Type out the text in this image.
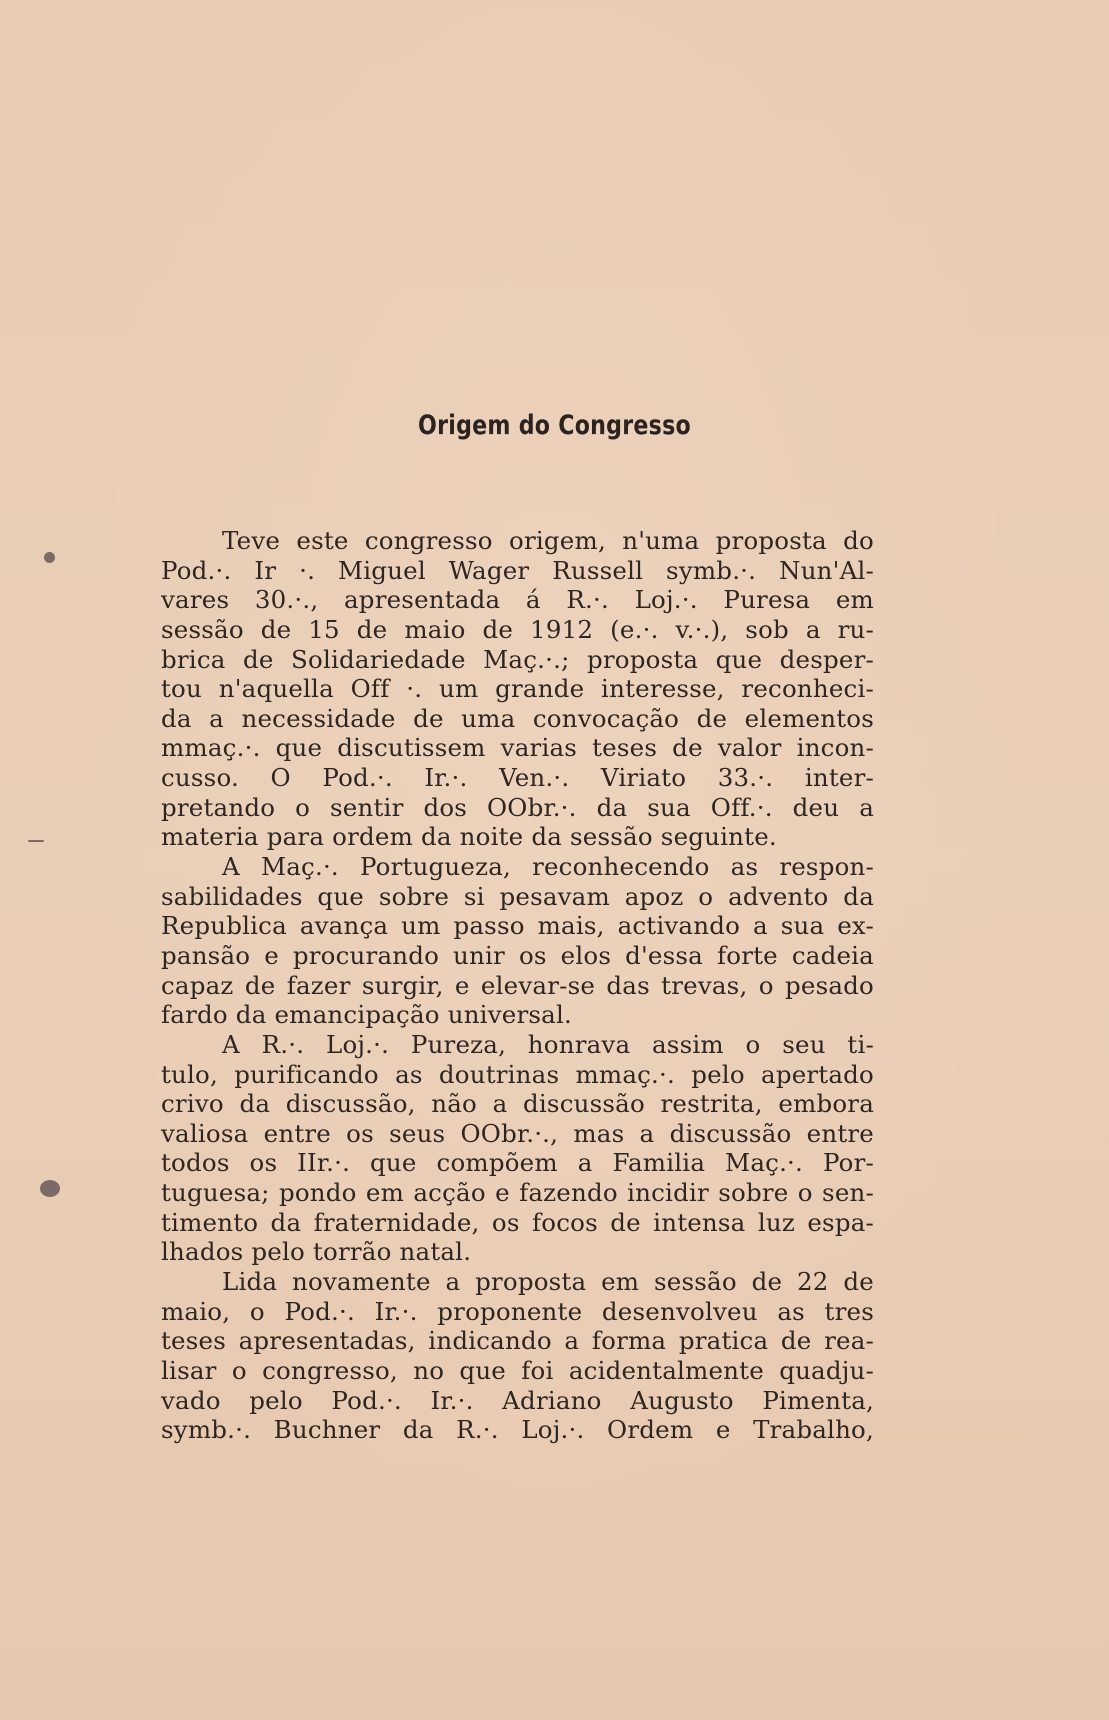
Origem do Congresso
Teve este congresso origem, n'uma proposta do
Pod.·. Ir ·. Miguel Wager Russell symb.·. Nun'Al-
vares 30.·., apresentada á R.·. Loj.·. Puresa em
sessão de 15 de maio de 1912 (e.·. v.·.), sob a ru-
brica de Solidariedade Maç.·.; proposta que desper-
tou n'aquella Off ·. um grande interesse, reconheci-
da a necessidade de uma convocação de elementos
mmaç.·. que discutissem varias teses de valor incon-
cusso. O Pod.·. Ir.·. Ven.·. Viriato 33.·. inter-
pretando o sentir dos OObr.·. da sua Off.·. deu a
materia para ordem da noite da sessão seguinte.
A Maç.·. Portugueza, reconhecendo as respon-
sabilidades que sobre si pesavam apoz o advento da
Republica avança um passo mais, activando a sua ex-
pansão e procurando unir os elos d'essa forte cadeia
capaz de fazer surgir, e elevar-se das trevas, o pesado
fardo da emancipação universal.
A R.·. Loj.·. Pureza, honrava assim o seu ti-
tulo, purificando as doutrinas mmaç.·. pelo apertado
crivo da discussão, não a discussão restrita, embora
valiosa entre os seus OObr.·., mas a discussão entre
todos os IIr.·. que compõem a Familia Maç.·. Por-
tuguesa; pondo em acção e fazendo incidir sobre o sen-
timento da fraternidade, os focos de intensa luz espa-
lhados pelo torrão natal.
Lida novamente a proposta em sessão de 22 de
maio, o Pod.·. Ir.·. proponente desenvolveu as tres
teses apresentadas, indicando a forma pratica de rea-
lisar o congresso, no que foi acidentalmente quadju-
vado pelo Pod.·. Ir.·. Adriano Augusto Pimenta,
symb.·. Buchner da R.·. Loj.·. Ordem e Trabalho,
